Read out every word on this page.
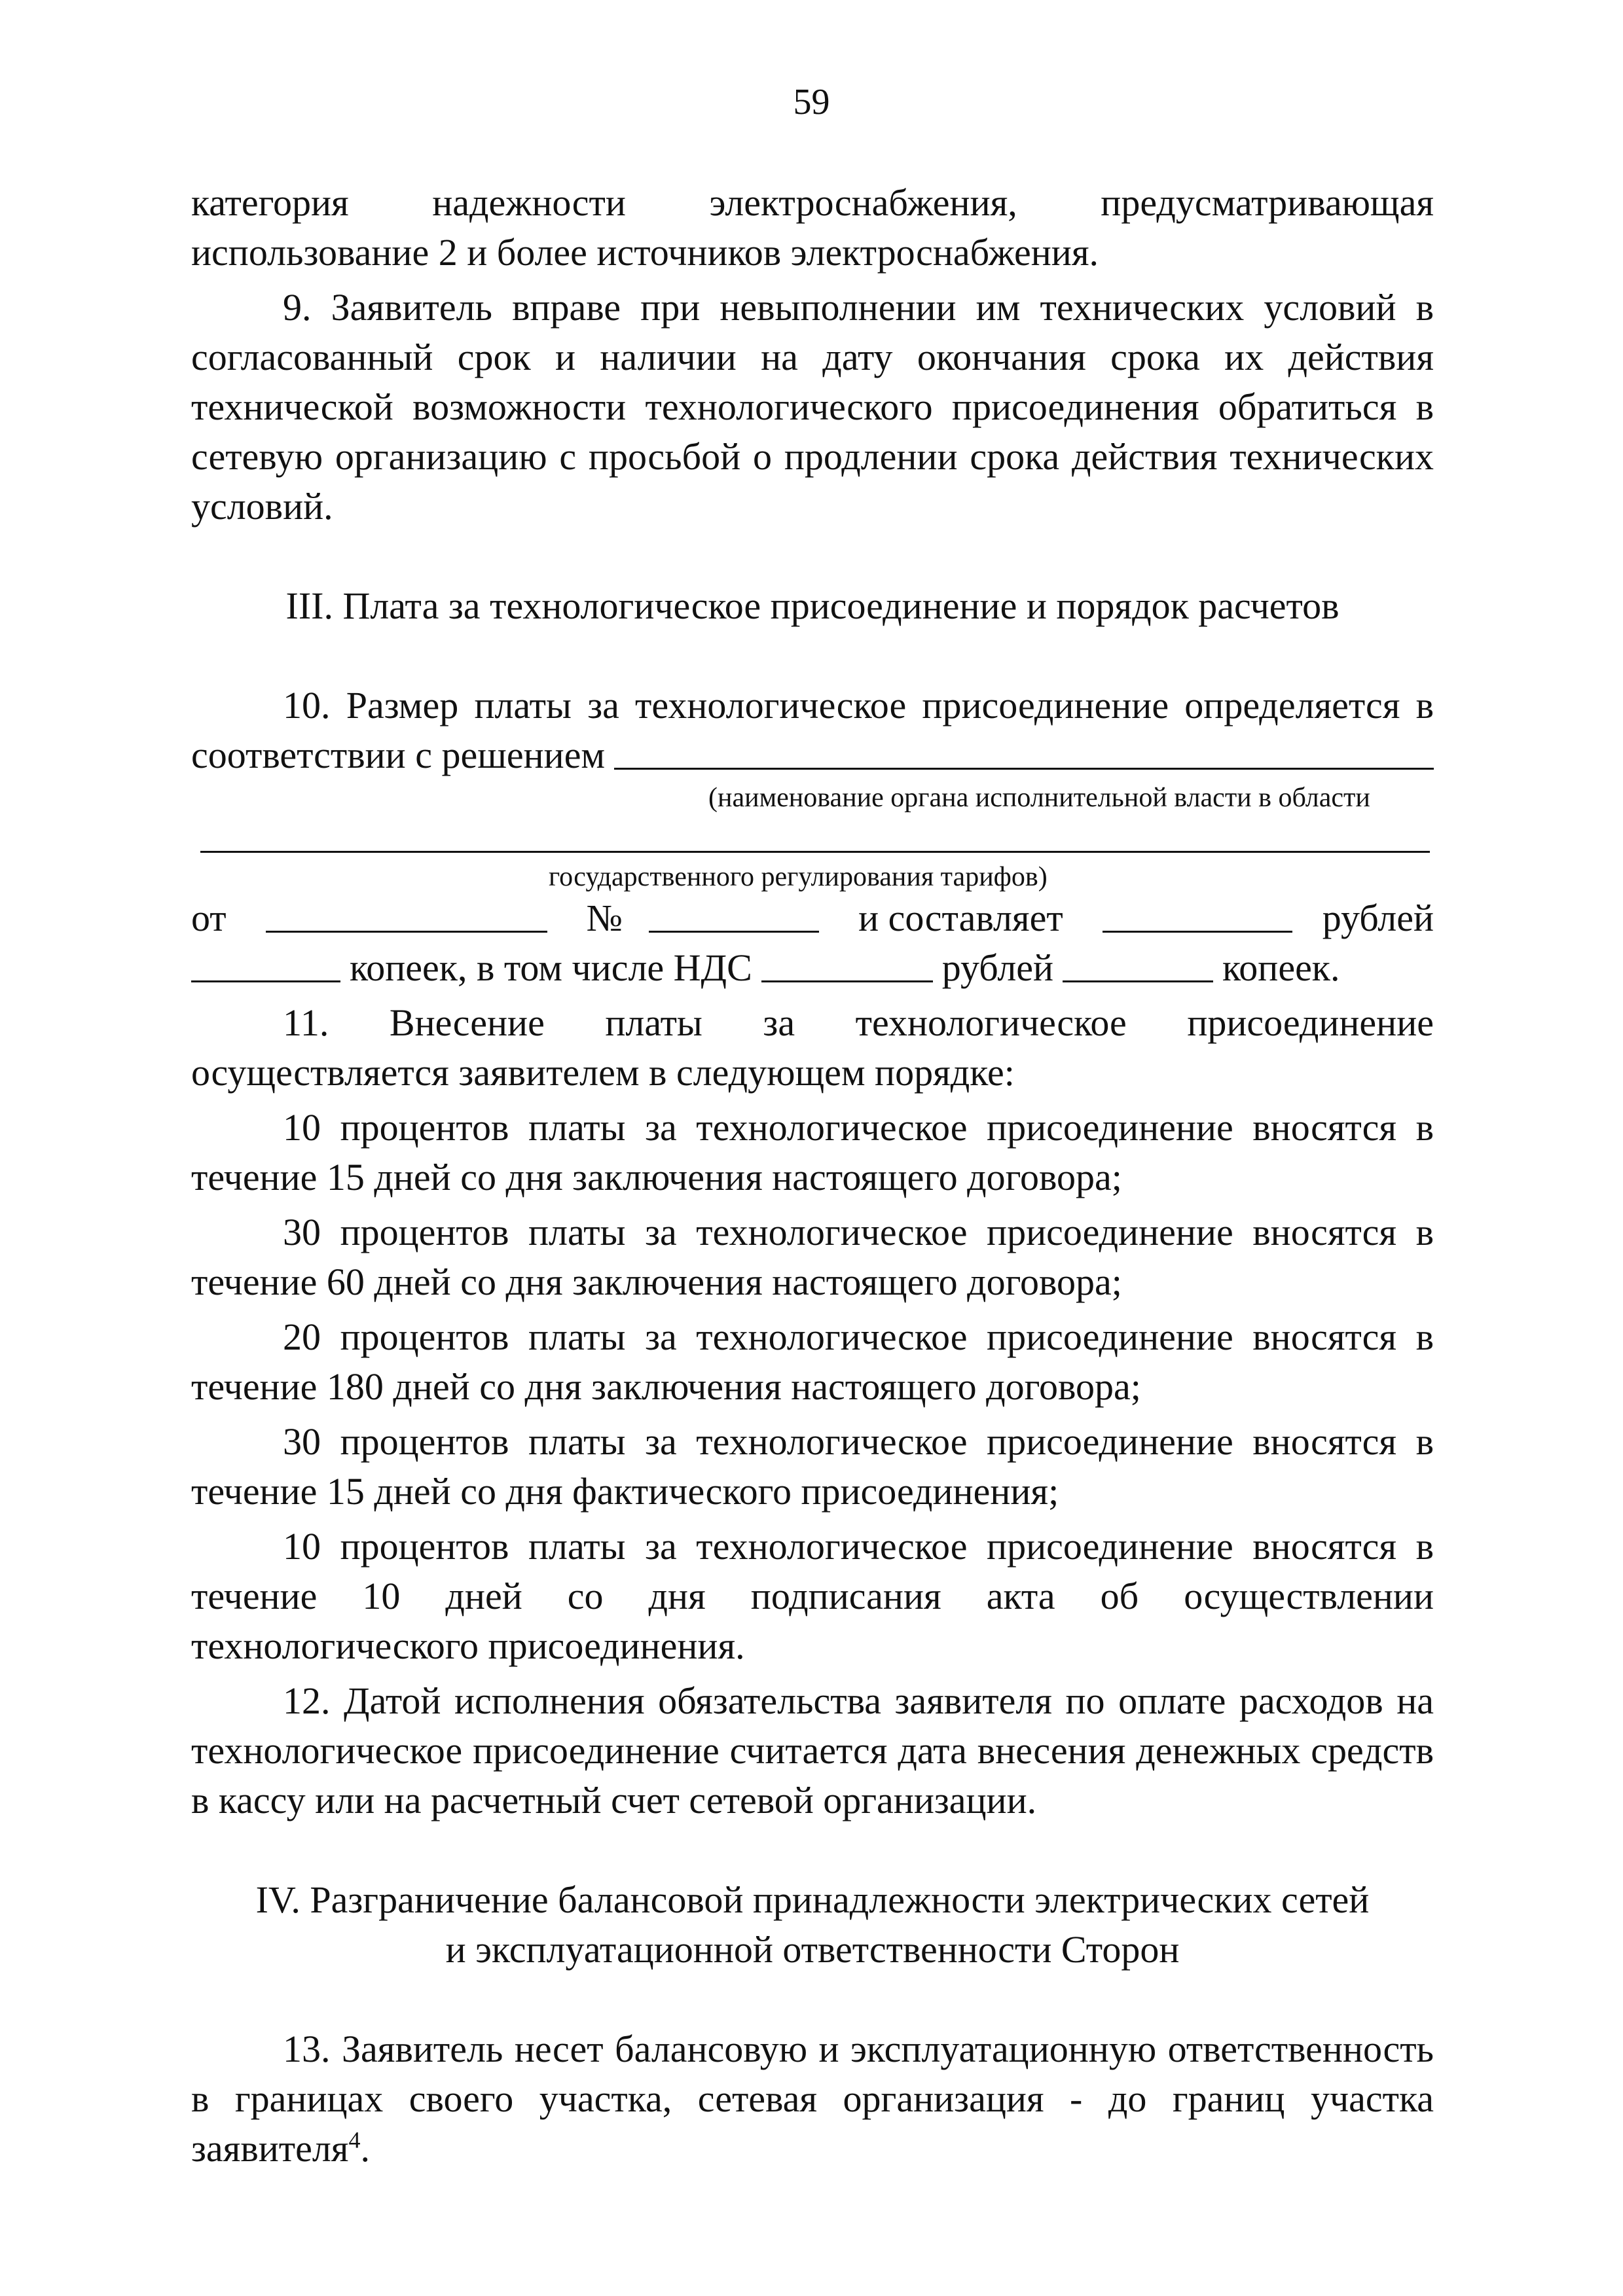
59

категория надежности электроснабжения, предусматривающая

использование 2 и более источников электроснабжения.

9. Заявитель вправе при невыполнении им технических условий в согласованный срок и наличии на дату окончания срока их действия технической возможности технологического присоединения обратиться в сетевую организацию с просьбой о продлении срока действия технических условий.

III. Плата за технологическое присоединение и порядок расчетов

10. Размер платы за технологическое присоединение определяется в

соответствии с решением

(наименование органа исполнительной власти в области

государственного регулирования тарифов)

от	№	и составляет	рублей
копеек, в том числе НДС	рублей	копеек.

11. Внесение платы за технологическое присоединение

осуществляется заявителем в следующем порядке:

10 процентов платы за технологическое присоединение вносятся в течение 15 дней со дня заключения настоящего договора;

30 процентов платы за технологическое присоединение вносятся в течение 60 дней со дня заключения настоящего договора;

20 процентов платы за технологическое присоединение вносятся в течение 180 дней со дня заключения настоящего договора;

30 процентов платы за технологическое присоединение вносятся в течение 15 дней со дня фактического присоединения;

10 процентов платы за технологическое присоединение вносятся в течение 10 дней со дня подписания акта об осуществлении технологического присоединения.

12. Датой исполнения обязательства заявителя по оплате расходов на технологическое присоединение считается дата внесения денежных средств в кассу или на расчетный счет сетевой организации.

IV. Разграничение балансовой принадлежности электрических сетей

и эксплуатационной ответственности Сторон

13. Заявитель несет балансовую и эксплуатационную ответственность в границах своего участка, сетевая организация - до границ участка заявителя$^4$.
